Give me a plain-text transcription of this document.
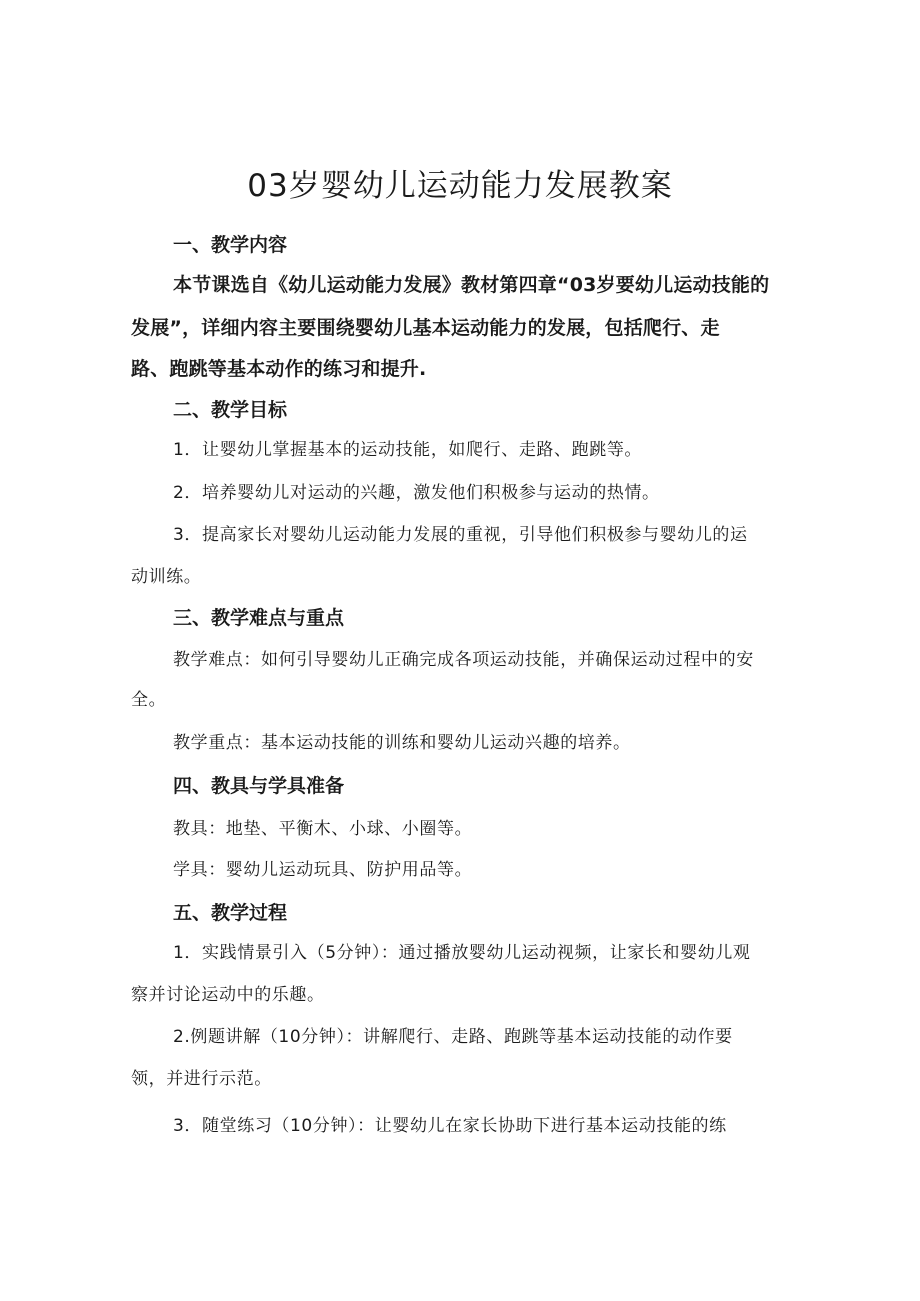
03岁婴幼儿运动能力发展教案
一、教学内容
本节课选自《幼儿运动能力发展》教材第四章“03岁要幼儿运动技能的
发展”，详细内容主要围绕婴幼儿基本运动能力的发展，包括爬行、走
路、跑跳等基本动作的练习和提升.
二、教学目标
1．让婴幼儿掌握基本的运动技能，如爬行、走路、跑跳等。
2．培养婴幼儿对运动的兴趣，激发他们积极参与运动的热情。
3．提高家长对婴幼儿运动能力发展的重视，引导他们积极参与婴幼儿的运
动训练。
三、教学难点与重点
教学难点：如何引导婴幼儿正确完成各项运动技能，并确保运动过程中的安
全。
教学重点：基本运动技能的训练和婴幼儿运动兴趣的培养。
四、教具与学具准备
教具：地垫、平衡木、小球、小圈等。
学具：婴幼儿运动玩具、防护用品等。
五、教学过程
1．实践情景引入（5分钟）：通过播放婴幼儿运动视频，让家长和婴幼儿观
察并讨论运动中的乐趣。
2.例题讲解（10分钟）：讲解爬行、走路、跑跳等基本运动技能的动作要
领，并进行示范。
3．随堂练习（10分钟）：让婴幼儿在家长协助下进行基本运动技能的练
